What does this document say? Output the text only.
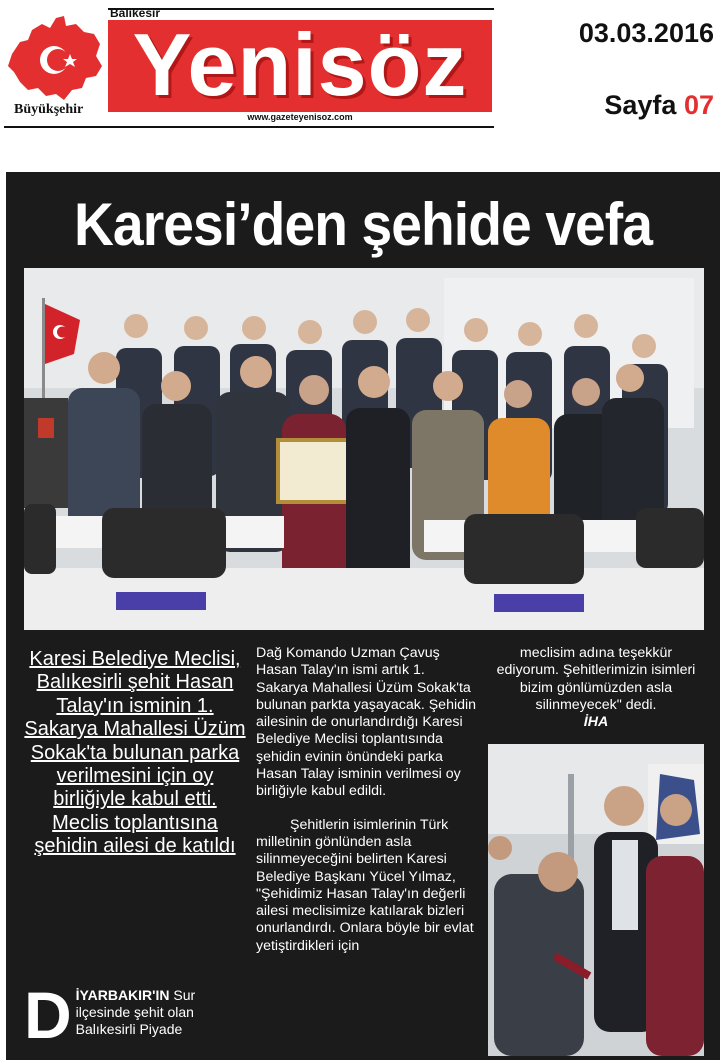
Büyükşehir
Balıkesir
Yenisöz
www.gazeteyenisoz.com
03.03.2016
Sayfa 07
Karesi’den şehide vefa
Karesi Belediye Meclisi, Balıkesirli şehit Hasan Talay'ın isminin 1. Sakarya Mahallesi Üzüm Sokak'ta bulunan parka verilmesini için oy birliğiyle kabul etti. Meclis toplantısına şehidin ailesi de katıldı
DİYARBAKIR'IN Sur ilçesinde şehit olan Balıkesirli Piyade

Dağ Komando Uzman Çavuş Hasan Talay'ın ismi artık 1. Sakarya Mahallesi Üzüm Sokak'ta bulunan parkta yaşayacak. Şehidin ailesinin de onurlandırdığı Karesi Belediye Meclisi toplantısında şehidin evinin önündeki parka Hasan Talay isminin verilmesi oy birliğiyle kabul edildi.

Şehitlerin isimlerinin Türk milletinin gönlünden asla silinmeyeceğini belirten Karesi Belediye Başkanı Yücel Yılmaz, "Şehidimiz Hasan Talay'ın değerli ailesi meclisimize katılarak bizleri onurlandırdı. Onlara böyle bir evlat yetiştirdikleri için

meclisim adına teşekkür ediyorum. Şehitlerimizin isimleri bizim gönlümüzden asla silinmeyecek" dedi.
İHA
